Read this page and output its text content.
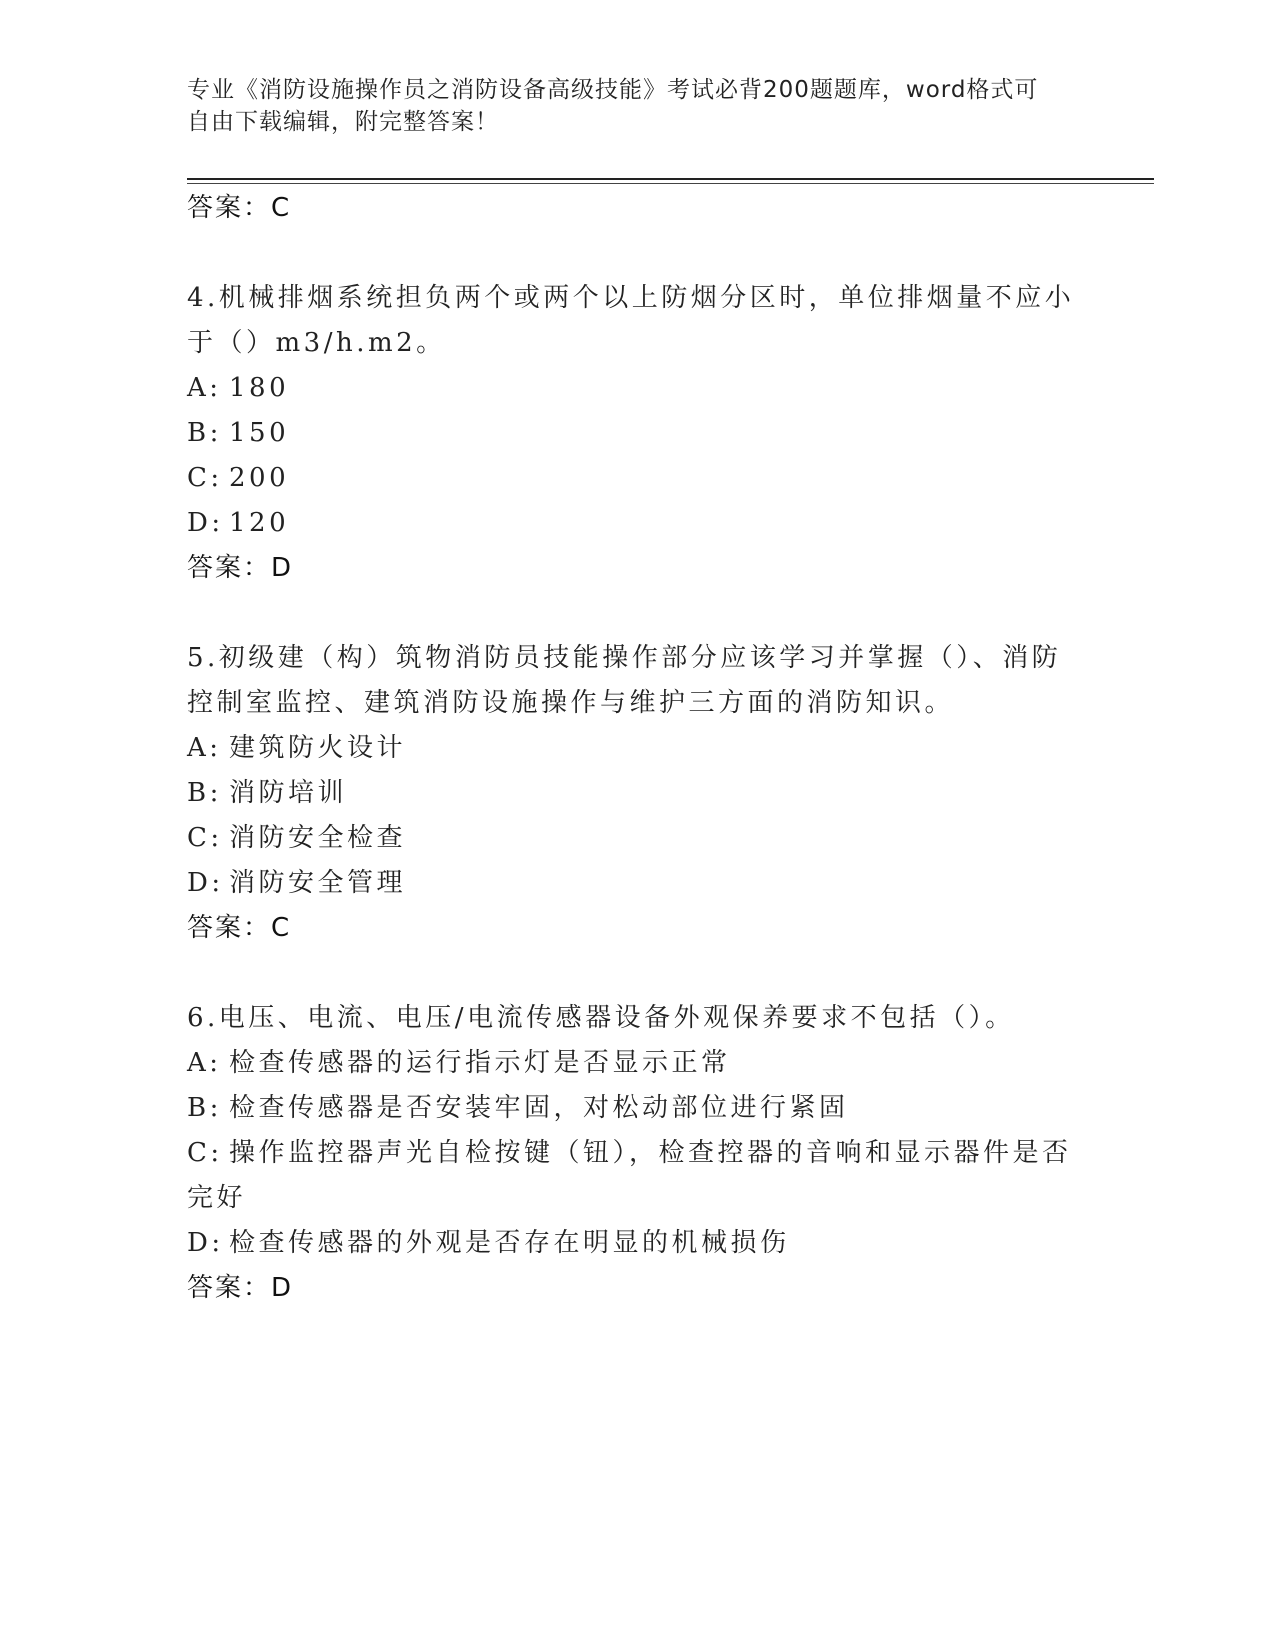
专业《消防设施操作员之消防设备高级技能》考试必背200题题库，word格式可
自由下载编辑，附完整答案！
答案：C
4.机械排烟系统担负两个或两个以上防烟分区时，单位排烟量不应小于（）m3/h.m2。
A: 180
B: 150
C: 200
D: 120
答案：D
5.初级建（构）筑物消防员技能操作部分应该学习并掌握（）、消防控制室监控、建筑消防设施操作与维护三方面的消防知识。
A: 建筑防火设计
B: 消防培训
C: 消防安全检查
D: 消防安全管理
答案：C
6.电压、电流、电压/电流传感器设备外观保养要求不包括（）。
A: 检查传感器的运行指示灯是否显示正常
B: 检查传感器是否安装牢固，对松动部位进行紧固
C: 操作监控器声光自检按键（钮），检查控器的音响和显示器件是否完好
D: 检查传感器的外观是否存在明显的机械损伤
答案：D
